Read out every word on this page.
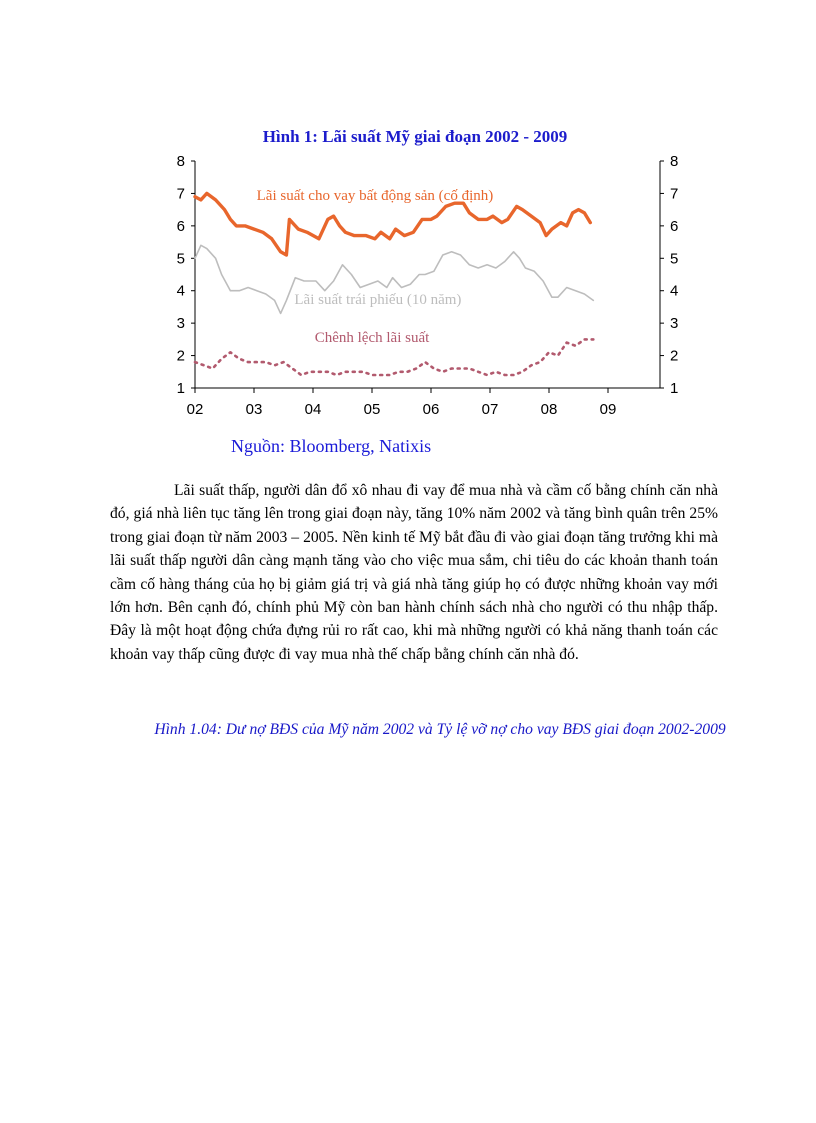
Hình 1: Lãi suất Mỹ giai đoạn 2002 - 2009
1	1
2	2
3	3
4	4
5	5
6	6
7	7
8	8
02	03	04	05	06	07	08	09
Lãi suất cho vay bất động sản (cố định)
Lãi suất trái phiếu (10 năm)
Chênh lệch lãi suất
Nguồn: Bloomberg, Natixis
Lãi suất thấp, người dân đổ xô nhau đi vay để mua nhà và cầm cố bằng chính căn nhà đó, giá nhà liên tục tăng lên trong giai đoạn này, tăng 10% năm 2002 và tăng bình quân trên 25% trong giai đoạn từ năm 2003 – 2005. Nền kinh tế Mỹ bắt đầu đi vào giai đoạn tăng trưởng khi mà lãi suất thấp người dân càng mạnh tăng vào cho việc mua sắm, chi tiêu do các khoản thanh toán cầm cố hàng tháng của họ bị giảm giá trị và giá nhà tăng giúp họ có được những khoản vay mới lớn hơn. Bên cạnh đó, chính phủ Mỹ còn ban hành chính sách nhà cho người có thu nhập thấp. Đây là một hoạt động chứa đựng rủi ro rất cao, khi mà những người có khả năng thanh toán các khoản vay thấp cũng được đi vay mua nhà thế chấp bằng chính căn nhà đó.
Hình 1.04: Dư nợ BĐS của Mỹ năm 2002 và Tỷ lệ vỡ nợ cho vay BĐS giai đoạn 2002-2009
